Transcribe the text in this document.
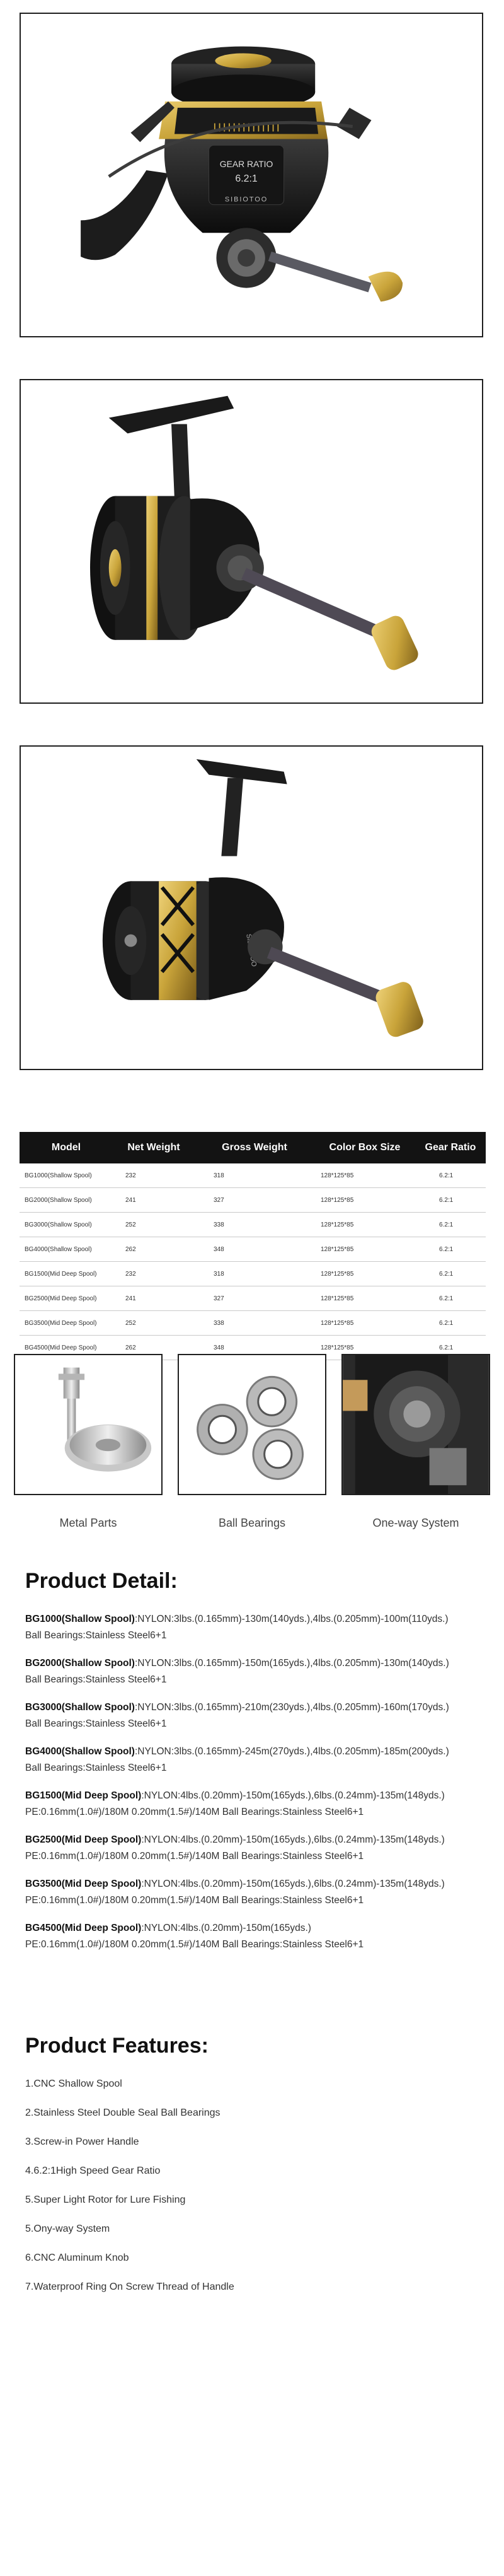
| | | | | | | | | | | | | |
GEAR RATIO
6.2:1
SIBIOTOO
Model	Net Weight	Gross Weight	Color Box Size	Gear Ratio
BG1000(Shallow Spool)	232	318	128*125*85	6.2:1
BG2000(Shallow Spool)	241	327	128*125*85	6.2:1
BG3000(Shallow Spool)	252	338	128*125*85	6.2:1
BG4000(Shallow Spool)	262	348	128*125*85	6.2:1
BG1500(Mid Deep Spool)	232	318	128*125*85	6.2:1
BG2500(Mid Deep Spool)	241	327	128*125*85	6.2:1
BG3500(Mid Deep Spool)	252	338	128*125*85	6.2:1
BG4500(Mid Deep Spool)	262	348	128*125*85	6.2:1
Metal Parts	Ball Bearings	One-way System
Product Detail:
BG1000(Shallow Spool):NYLON:3lbs.(0.165mm)-130m(140yds.),4lbs.(0.205mm)-100m(110yds.)
Ball Bearings:Stainless Steel6+1
BG2000(Shallow Spool):NYLON:3lbs.(0.165mm)-150m(165yds.),4lbs.(0.205mm)-130m(140yds.)
Ball Bearings:Stainless Steel6+1
BG3000(Shallow Spool):NYLON:3lbs.(0.165mm)-210m(230yds.),4lbs.(0.205mm)-160m(170yds.)
Ball Bearings:Stainless Steel6+1
BG4000(Shallow Spool):NYLON:3lbs.(0.165mm)-245m(270yds.),4lbs.(0.205mm)-185m(200yds.)
Ball Bearings:Stainless Steel6+1
BG1500(Mid Deep Spool):NYLON:4lbs.(0.20mm)-150m(165yds.),6lbs.(0.24mm)-135m(148yds.)
PE:0.16mm(1.0#)/180M 0.20mm(1.5#)/140M Ball Bearings:Stainless Steel6+1
BG2500(Mid Deep Spool):NYLON:4lbs.(0.20mm)-150m(165yds.),6lbs.(0.24mm)-135m(148yds.)
PE:0.16mm(1.0#)/180M 0.20mm(1.5#)/140M Ball Bearings:Stainless Steel6+1
BG3500(Mid Deep Spool):NYLON:4lbs.(0.20mm)-150m(165yds.),6lbs.(0.24mm)-135m(148yds.)
PE:0.16mm(1.0#)/180M 0.20mm(1.5#)/140M Ball Bearings:Stainless Steel6+1
BG4500(Mid Deep Spool):NYLON:4lbs.(0.20mm)-150m(165yds.)
PE:0.16mm(1.0#)/180M 0.20mm(1.5#)/140M Ball Bearings:Stainless Steel6+1
Product Features:
1.CNC Shallow Spool
2.Stainless Steel Double Seal Ball Bearings
3.Screw-in Power Handle
4.6.2:1High Speed Gear Ratio
5.Super Light Rotor for Lure Fishing
5.Ony-way System
6.CNC Aluminum Knob
7.Waterproof Ring On Screw Thread of Handle
